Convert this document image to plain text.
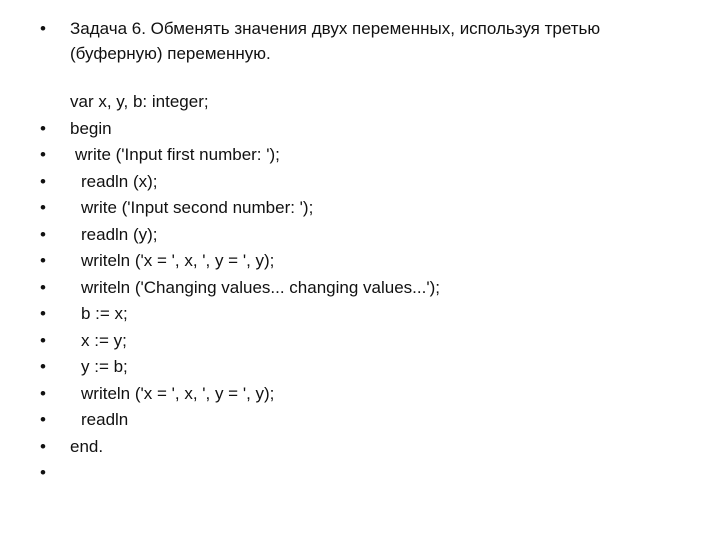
• Задача 6. Обменять значения двух переменных, используя третью (буферную) переменную.

•

var x, y, b: integer;

•

begin

•

write ('Input first number: ');

•

readln (x);

•

write ('Input second number: ');

•

readln (y);

•

writeln ('x = ', x, ', y = ', y);

•

writeln ('Changing values... changing values...');

•

b := x;

•

x := y;

•

y := b;

•

writeln ('x = ', x, ', y = ', y);

•

readln

•

end.
